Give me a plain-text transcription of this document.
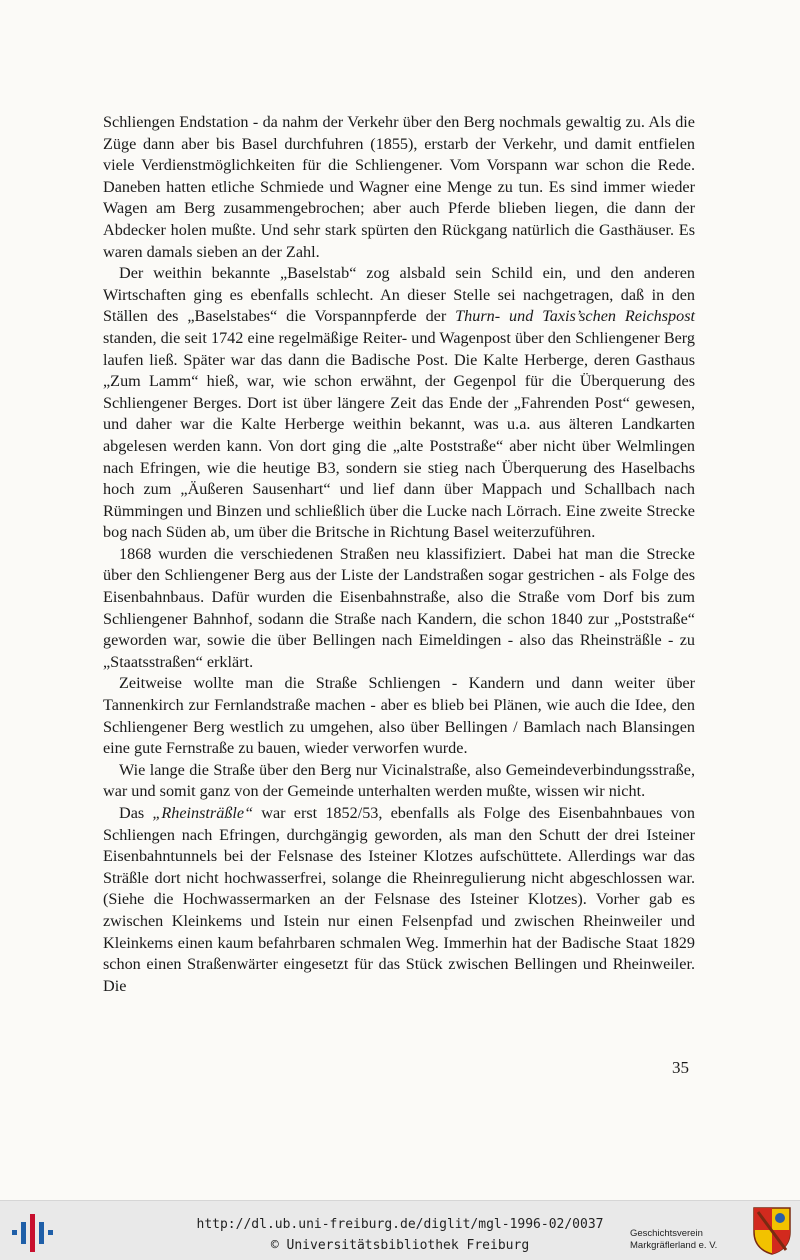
Schliengen Endstation - da nahm der Verkehr über den Berg nochmals gewaltig zu. Als die Züge dann aber bis Basel durchfuhren (1855), erstarb der Verkehr, und damit entfielen viele Verdienstmöglichkeiten für die Schliengener. Vom Vorspann war schon die Rede. Daneben hatten etliche Schmiede und Wagner eine Menge zu tun. Es sind immer wieder Wagen am Berg zusammengebrochen; aber auch Pferde blieben liegen, die dann der Abdecker holen mußte. Und sehr stark spürten den Rückgang natürlich die Gasthäuser. Es waren damals sieben an der Zahl.

Der weithin bekannte „Baselstab“ zog alsbald sein Schild ein, und den anderen Wirtschaften ging es ebenfalls schlecht. An dieser Stelle sei nachgetragen, daß in den Ställen des „Baselstabes“ die Vorspannpferde der Thurn- und Taxis’schen Reichspost standen, die seit 1742 eine regelmäßige Reiter- und Wagenpost über den Schliengener Berg laufen ließ. Später war das dann die Badische Post. Die Kalte Herberge, deren Gasthaus „Zum Lamm“ hieß, war, wie schon erwähnt, der Gegenpol für die Überquerung des Schliengener Berges. Dort ist über längere Zeit das Ende der „Fahrenden Post“ gewesen, und daher war die Kalte Herberge weithin bekannt, was u.a. aus älteren Landkarten abgelesen werden kann. Von dort ging die „alte Poststraße“ aber nicht über Welmlingen nach Efringen, wie die heutige B3, sondern sie stieg nach Überquerung des Haselbachs hoch zum „Äußeren Sausenhart“ und lief dann über Mappach und Schallbach nach Rümmingen und Binzen und schließlich über die Lucke nach Lörrach. Eine zweite Strecke bog nach Süden ab, um über die Britsche in Richtung Basel weiterzuführen.

1868 wurden die verschiedenen Straßen neu klassifiziert. Dabei hat man die Strecke über den Schliengener Berg aus der Liste der Landstraßen sogar gestrichen - als Folge des Eisenbahnbaus. Dafür wurden die Eisenbahnstraße, also die Straße vom Dorf bis zum Schliengener Bahnhof, sodann die Straße nach Kandern, die schon 1840 zur „Poststraße“ geworden war, sowie die über Bellingen nach Eimeldingen - also das Rheinsträßle - zu „Staatsstraßen“ erklärt.

Zeitweise wollte man die Straße Schliengen - Kandern und dann weiter über Tannenkirch zur Fernlandstraße machen - aber es blieb bei Plänen, wie auch die Idee, den Schliengener Berg westlich zu umgehen, also über Bellingen / Bamlach nach Blansingen eine gute Fernstraße zu bauen, wieder verworfen wurde.

Wie lange die Straße über den Berg nur Vicinalstraße, also Gemeindeverbindungsstraße, war und somit ganz von der Gemeinde unterhalten werden mußte, wissen wir nicht.

Das „Rheinsträßle“ war erst 1852/53, ebenfalls als Folge des Eisenbahnbaues von Schliengen nach Efringen, durchgängig geworden, als man den Schutt der drei Isteiner Eisenbahntunnels bei der Felsnase des Isteiner Klotzes aufschüttete. Allerdings war das Sträßle dort nicht hochwasserfrei, solange die Rheinregulierung nicht abgeschlossen war. (Siehe die Hochwassermarken an der Felsnase des Isteiner Klotzes). Vorher gab es zwischen Kleinkems und Istein nur einen Felsenpfad und zwischen Rheinweiler und Kleinkems einen kaum befahrbaren schmalen Weg. Immerhin hat der Badische Staat 1829 schon einen Straßenwärter eingesetzt für das Stück zwischen Bellingen und Rheinweiler. Die

35
http://dl.ub.uni-freiburg.de/diglit/mgl-1996-02/0037
© Universitätsbibliothek Freiburg
Geschichtsverein
Markgräflerland e. V.
